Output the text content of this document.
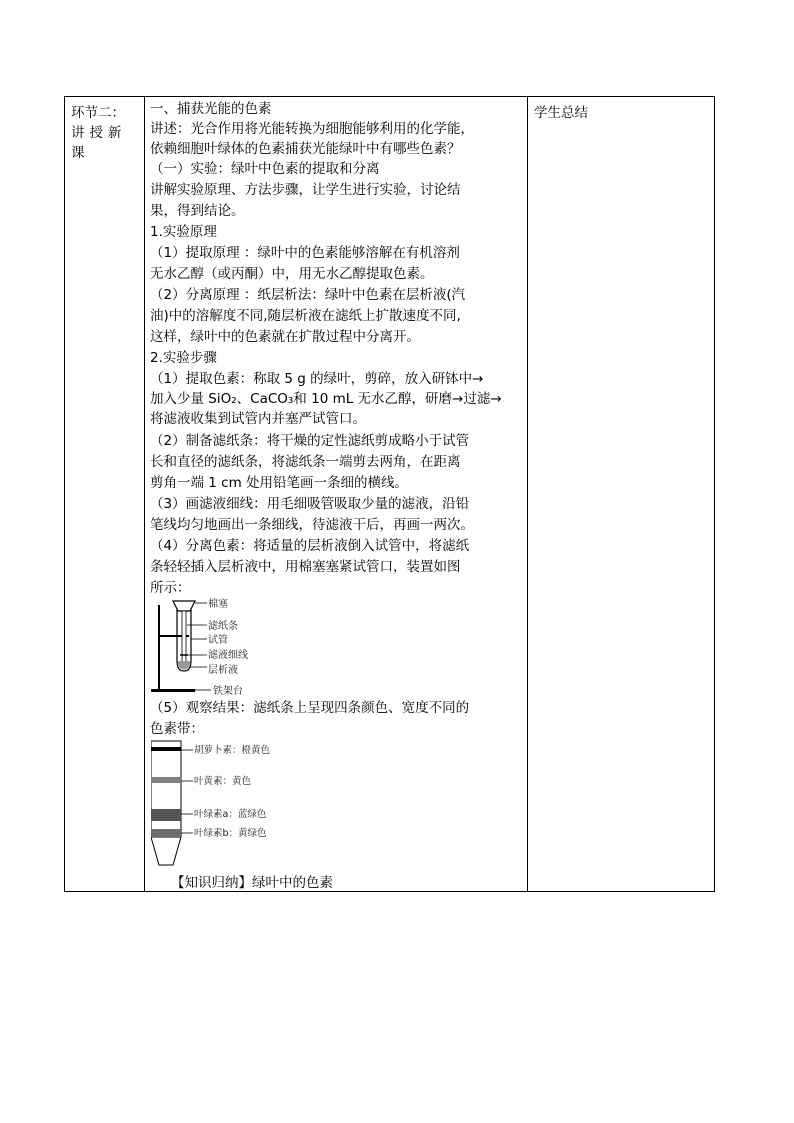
环节二：
讲授新
课
一、捕获光能的色素
讲述：光合作用将光能转换为细胞能够利用的化学能，
依赖细胞叶绿体的色素捕获光能绿叶中有哪些色素？
（一）实验：绿叶中色素的提取和分离
讲解实验原理、方法步骤，让学生进行实验，讨论结
果，得到结论。
1.实验原理
（1）提取原理 ：绿叶中的色素能够溶解在有机溶剂
无水乙醇（或丙酮）中，用无水乙醇提取色素。
（2）分离原理 ：纸层析法：绿叶中色素在层析液(汽
油)中的溶解度不同,随层析液在滤纸上扩散速度不同,
这样，绿叶中的色素就在扩散过程中分离开。
2.实验步骤
（1）提取色素：称取 5 g 的绿叶，剪碎，放入研钵中→
加入少量 SiO₂、CaCO₃和 10 mL 无水乙醇，研磨→过滤→
将滤液收集到试管内并塞严试管口。
（2）制备滤纸条：将干燥的定性滤纸剪成略小于试管
长和直径的滤纸条，将滤纸条一端剪去两角，在距离
剪角一端 1 cm 处用铅笔画一条细的横线。
（3）画滤液细线：用毛细吸管吸取少量的滤液，沿铅
笔线均匀地画出一条细线，待滤液干后，再画一两次。
（4）分离色素：将适量的层析液倒入试管中，将滤纸
条轻轻插入层析液中，用棉塞塞紧试管口，装置如图
所示：
棉塞
滤纸条
试管
滤液细线
层析液
铁架台
（5）观察结果：滤纸条上呈现四条颜色、宽度不同的
色素带：
胡萝卜素：橙黄色
叶黄素：黄色
叶绿素a：蓝绿色
叶绿素b：黄绿色
【知识归纳】绿叶中的色素
学生总结
